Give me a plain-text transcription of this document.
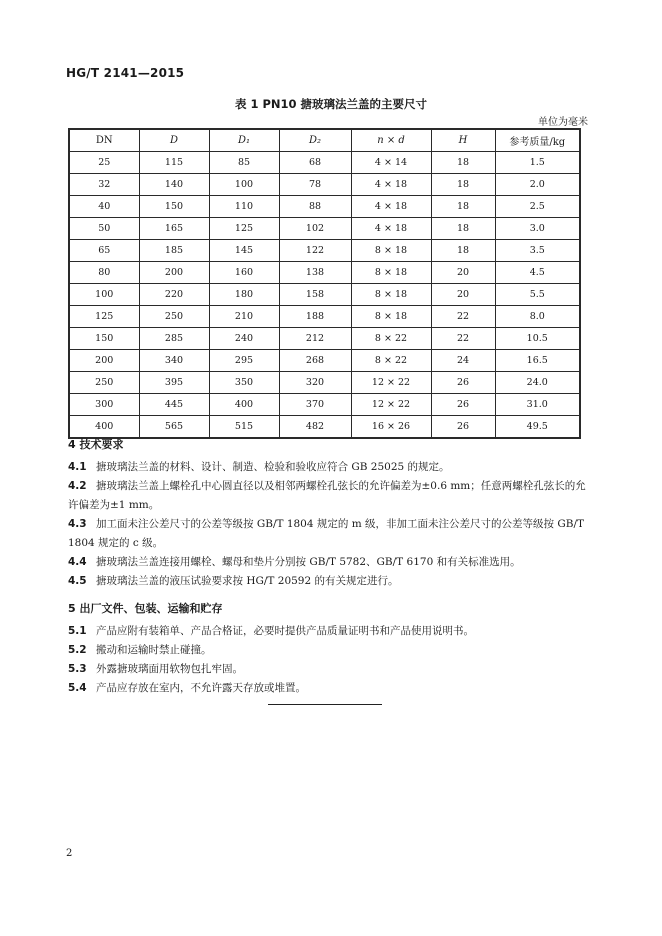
HG/T 2141—2015
表 1 PN10 搪玻璃法兰盖的主要尺寸
单位为毫米
DN	D	D₁	D₂	n × d	H	参考质量/kg
25	115	85	68	4 × 14	18	1.5
32	140	100	78	4 × 18	18	2.0
40	150	110	88	4 × 18	18	2.5
50	165	125	102	4 × 18	18	3.0
65	185	145	122	8 × 18	18	3.5
80	200	160	138	8 × 18	20	4.5
100	220	180	158	8 × 18	20	5.5
125	250	210	188	8 × 18	22	8.0
150	285	240	212	8 × 22	22	10.5
200	340	295	268	8 × 22	24	16.5
250	395	350	320	12 × 22	26	24.0
300	445	400	370	12 × 22	26	31.0
400	565	515	482	16 × 26	26	49.5
4 技术要求
4.1 搪玻璃法兰盖的材料、设计、制造、检验和验收应符合 GB 25025 的规定。
4.2 搪玻璃法兰盖上螺栓孔中心圆直径以及相邻两螺栓孔弦长的允许偏差为±0.6 mm；任意两螺栓孔弦长的允许偏差为±1 mm。
4.3 加工面未注公差尺寸的公差等级按 GB/T 1804 规定的 m 级，非加工面未注公差尺寸的公差等级按 GB/T 1804 规定的 c 级。
4.4 搪玻璃法兰盖连接用螺栓、螺母和垫片分别按 GB/T 5782、GB/T 6170 和有关标准选用。
4.5 搪玻璃法兰盖的液压试验要求按 HG/T 20592 的有关规定进行。
5 出厂文件、包装、运输和贮存
5.1 产品应附有装箱单、产品合格证，必要时提供产品质量证明书和产品使用说明书。
5.2 搬动和运输时禁止碰撞。
5.3 外露搪玻璃面用软物包扎牢固。
5.4 产品应存放在室内，不允许露天存放或堆置。
2
